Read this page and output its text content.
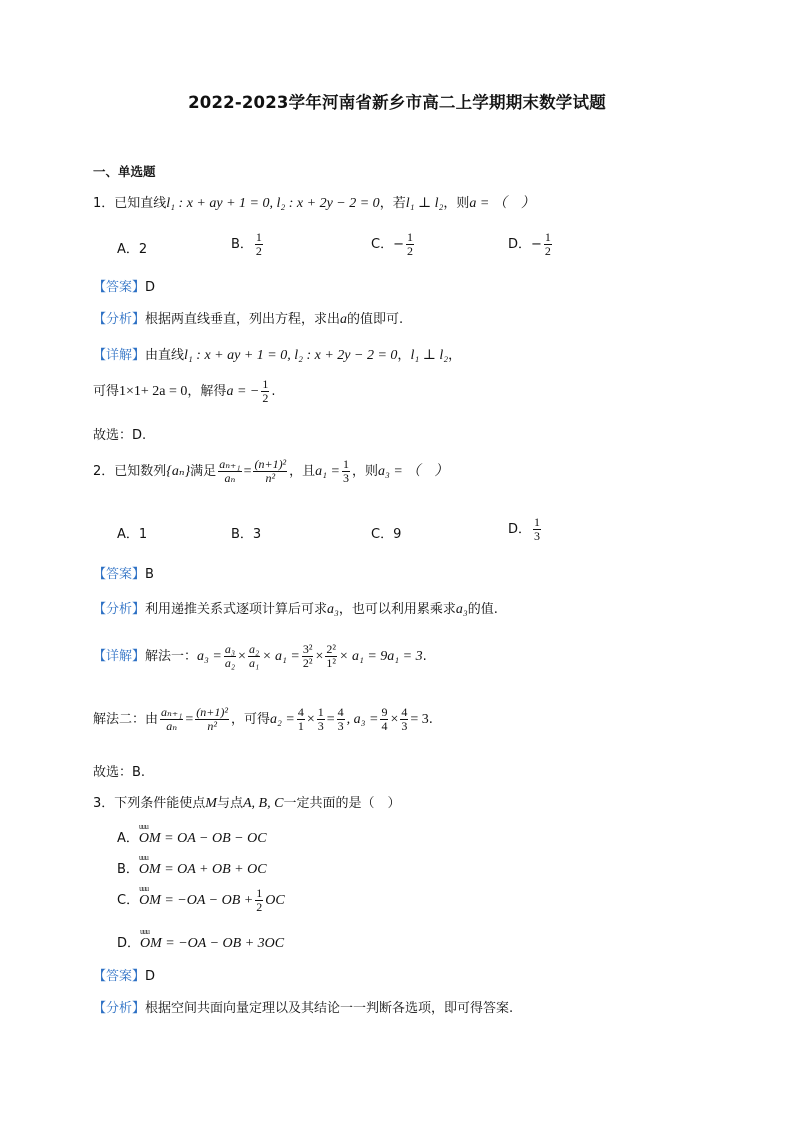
2022-2023学年河南省新乡市高二上学期期末数学试题
一、单选题
1．已知直线l₁ : x + ay + 1 = 0, l₂ : x + 2y − 2 = 0，若l₁ ⊥ l₂，则a = （　）
A．2	B． $\frac{1}{2}$	C．− $\frac{1}{2}$	D．− $\frac{1}{2}$
【答案】D
【分析】根据两直线垂直，列出方程，求出a的值即可.
【详解】由直线l₁ : x + ay + 1 = 0, l₂ : x + 2y − 2 = 0，l₁ ⊥ l₂，
可得1×1+ 2a = 0，解得a = − $\frac{1}{2}$ .
故选：D.
2．已知数列{aₙ}满足 $\frac{\text{aₙ₊₁}}{\text{aₙ}} = \frac{\text{(n+1)²}}{\text{n²}}$ ，且$a_1 = \frac{1}{3}$ ，则a₃ = （　）
A．1	B．3	C．9	D． $\frac{1}{3}$
【答案】B
【分析】利用递推关系式逐项计算后可求a₃，也可以利用累乘求a₃的值.
【详解】解法一：$a_3 = \frac{\text{a₃}}{\text{a₂}} \times \frac{\text{a₂}}{\text{a₁}} \times a_1 = \frac{\text{3²}}{\text{2²}} \times \frac{\text{2²}}{\text{1²}} \times a_1 = 9a_1 = 3$.
解法二：由 $\frac{\text{aₙ₊₁}}{\text{aₙ}} = \frac{\text{(n+1)²}}{\text{n²}}$ ，可得$a_2 = \frac{4}{1} \times \frac{1}{3} = \frac{4}{3}$ , $a_3 = \frac{9}{4} \times \frac{4}{3} = 3$.
故选：B.
3．下列条件能使点M与点A, B, C一定共面的是（　）
A．uuu OM = OA − OB − OC
B．uuu OM = OA + OB + OC
C．uuu OM = −OA − OB + $\frac{1}{2}$ OC
D．uuu OM = −OA − OB + 3OC
【答案】D
【分析】根据空间共面向量定理以及其结论一一判断各选项，即可得答案.
